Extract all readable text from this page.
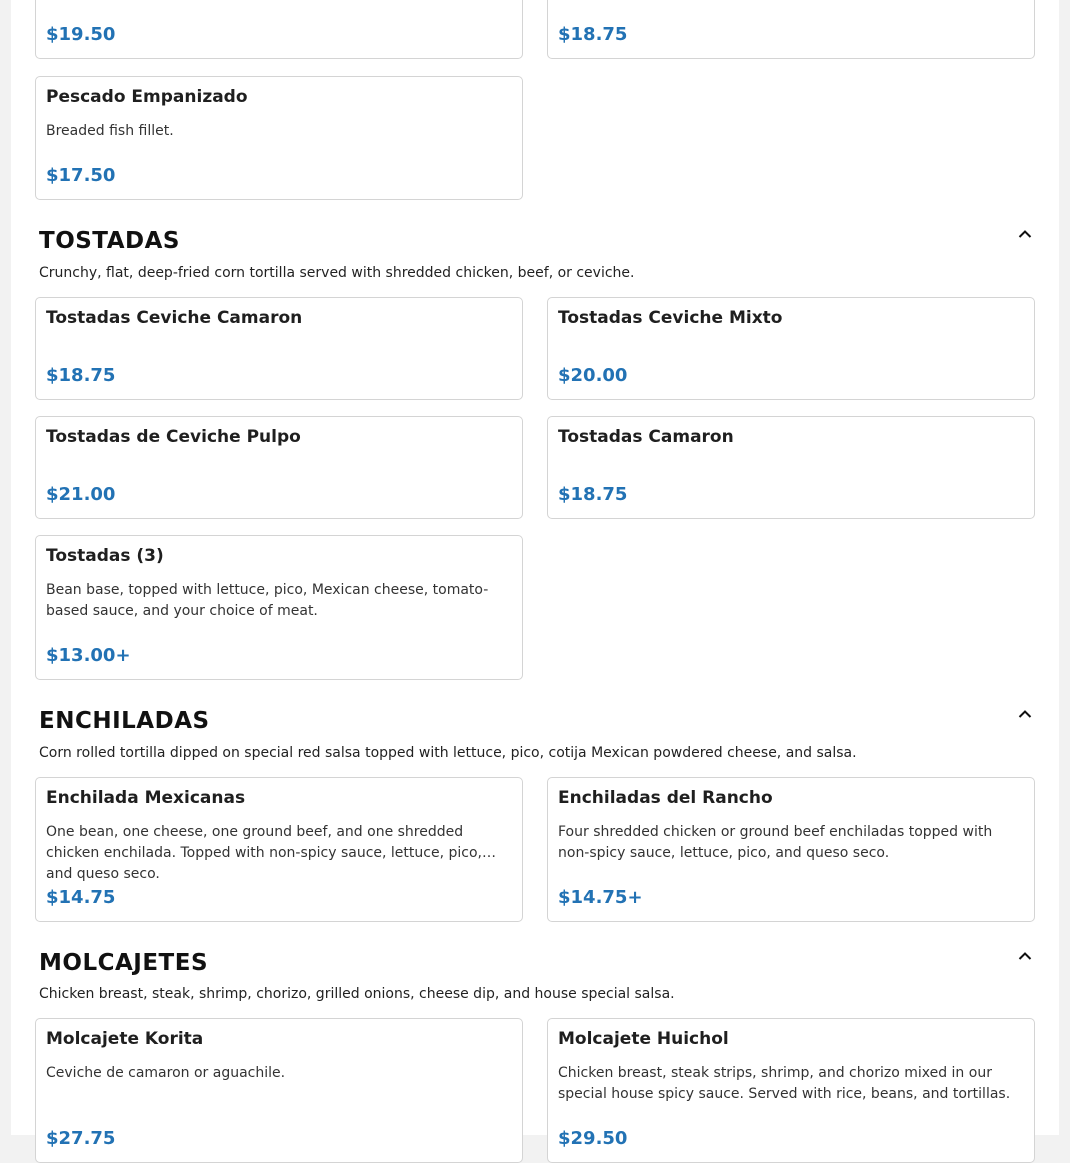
$19.50	$18.75
Pescado Empanizado
Breaded fish fillet.
$17.50
TOSTADAS
Crunchy, flat, deep-fried corn tortilla served with shredded chicken, beef, or ceviche.
Tostadas Ceviche Camaron
$18.75
Tostadas Ceviche Mixto
$20.00
Tostadas de Ceviche Pulpo
$21.00
Tostadas Camaron
$18.75
Tostadas (3)
Bean base, topped with lettuce, pico, Mexican cheese, tomato-based sauce, and your choice of meat.
$13.00+
ENCHILADAS
Corn rolled tortilla dipped on special red salsa topped with lettuce, pico, cotija Mexican powdered cheese, and salsa.
Enchilada Mexicanas
One bean, one cheese, one ground beef, and one shredded chicken enchilada. Topped with non-spicy sauce, lettuce, pico, and queso seco.
$14.75
Enchiladas del Rancho
Four shredded chicken or ground beef enchiladas topped with non-spicy sauce, lettuce, pico, and queso seco.
$14.75+
MOLCAJETES
Chicken breast, steak, shrimp, chorizo, grilled onions, cheese dip, and house special salsa.
Molcajete Korita
Ceviche de camaron or aguachile.
$27.75
Molcajete Huichol
Chicken breast, steak strips, shrimp, and chorizo mixed in our special house spicy sauce. Served with rice, beans, and tortillas.
$29.50
